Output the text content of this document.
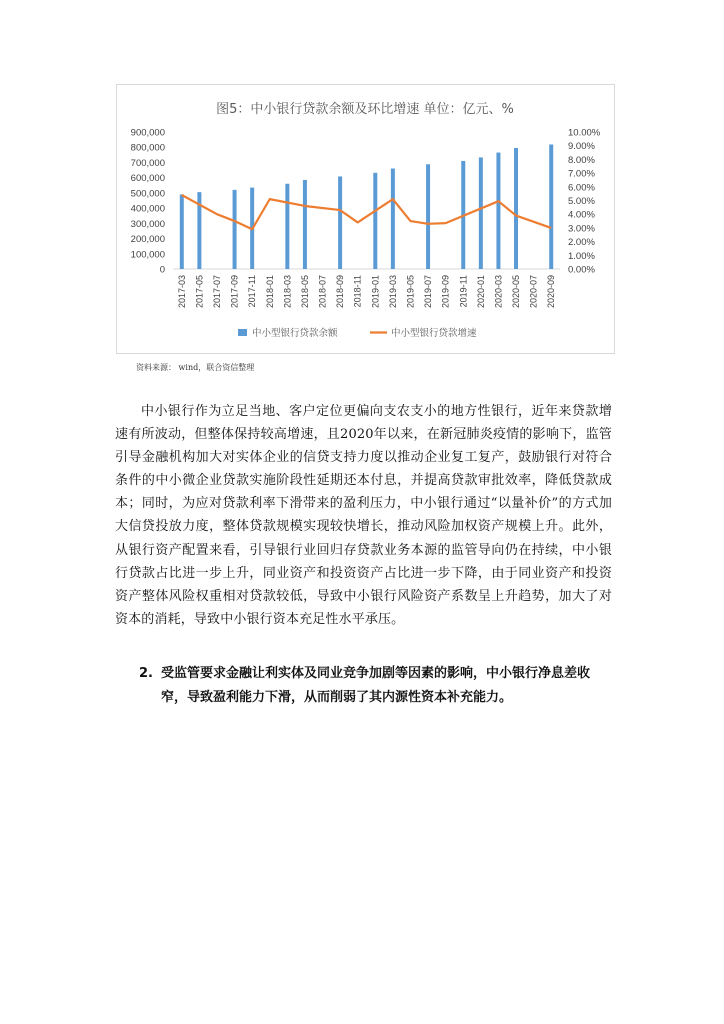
图5：中小银行贷款余额及环比增速 单位：亿元、%
0
100,000
200,000
300,000
400,000
500,000
600,000
700,000
800,000
900,000
0.00%
1.00%
2.00%
3.00%
4.00%
5.00%
6.00%
7.00%
8.00%
9.00%
10.00%
2017-03 2017-05 2017-07 2017-09 2017-11 2018-01 2018-03 2018-05 2018-07 2018-09 2018-11 2019-01 2019-03 2019-05 2019-07 2019-09 2019-11 2020-01 2020-03 2020-05 2020-07 2020-09
中小型银行贷款余额	中小型银行贷款增速
资料来源： wind，联合资信整理
中小银行作为立足当地、客户定位更偏向支农支小的地方性银行，近年来贷款增速有所波动，但整体保持较高增速，且2020年以来，在新冠肺炎疫情的影响下，监管引导金融机构加大对实体企业的信贷支持力度以推动企业复工复产，鼓励银行对符合条件的中小微企业贷款实施阶段性延期还本付息，并提高贷款审批效率，降低贷款成本；同时，为应对贷款利率下滑带来的盈利压力，中小银行通过“以量补价”的方式加大信贷投放力度，整体贷款规模实现较快增长，推动风险加权资产规模上升。此外，从银行资产配置来看，引导银行业回归存贷款业务本源的监管导向仍在持续，中小银行贷款占比进一步上升，同业资产和投资资产占比进一步下降，由于同业资产和投资资产整体风险权重相对贷款较低，导致中小银行风险资产系数呈上升趋势，加大了对资本的消耗，导致中小银行资本充足性水平承压。
2. 受监管要求金融让利实体及同业竞争加剧等因素的影响，中小银行净息差收窄，导致盈利能力下滑，从而削弱了其内源性资本补充能力。
